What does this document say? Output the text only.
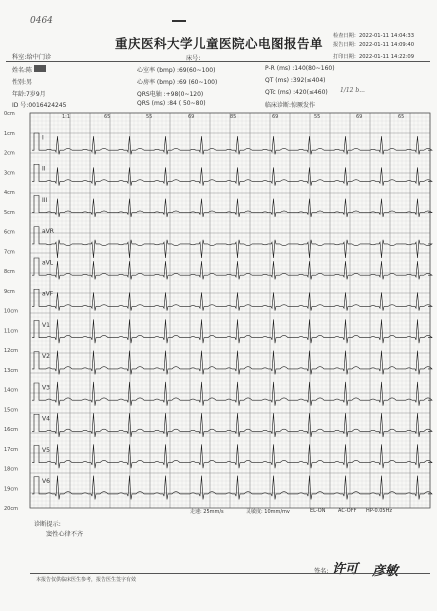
0464
重庆医科大学儿童医院心电图报告单 检查日期：2022-01-11 14:04:33
报告日期：2022-01-11 14:09:40
打印日期：2022-01-11 14:22:09
科室:给中门诊	床号:
姓名:陈
性别:男
年龄:7岁9月
ID 号:0016424245
心室率 (bmp) :69(60~100)
心房率 (bmp) :69 (60~100)
QRS电轴 :+98(0~120)
QRS (ms) :84 ( 50~80)
P-R (ms) :140(80~160)
QT (ms) :392(≤404)
QTc (ms) :420(≤460) 1/12 b...
临床诊断:惊厥发作
0cm
1cm
2cm
3cm
4cm
5cm
6cm
7cm
8cm
9cm
10cm
11cm
12cm
13cm
14cm
15cm
16cm
17cm
18cm
19cm
20cm
1:1	65	55	69	85	69	55	69	65
I
II
III
aVR
aVL
aVF
V1
V2
V3
V4
V5
V6
走速: 25mm/s	灵敏度: 10mm/mv	EL-ON	AC-OFF HP-0.05Hz
诊断提示:
窦性心律不齐
签名: 许可 彦敏
本报告仅供临床医生参考，报告医生签字有效
